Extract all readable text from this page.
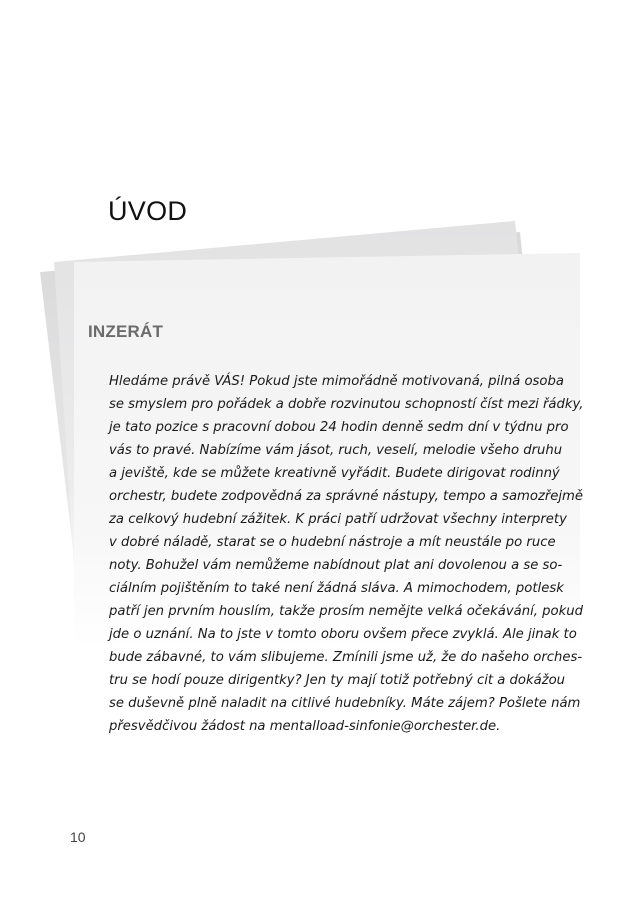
ÚVOD
INZERÁT

Hledáme právě VÁS! Pokud jste mimořádně motivovaná, pilná osoba
se smyslem pro pořádek a dobře rozvinutou schopností číst mezi řádky,
je tato pozice s pracovní dobou 24 hodin denně sedm dní v týdnu pro
vás to pravé. Nabízíme vám jásot, ruch, veselí, melodie všeho druhu
a jeviště, kde se můžete kreativně vyřádit. Budete dirigovat rodinný
orchestr, budete zodpovědná za správné nástupy, tempo a samozřejmě
za celkový hudební zážitek. K práci patří udržovat všechny interprety
v dobré náladě, starat se o hudební nástroje a mít neustále po ruce
noty. Bohužel vám nemůžeme nabídnout plat ani dovolenou a se so-
ciálním pojištěním to také není žádná sláva. A mimochodem, potlesk
patří jen prvním houslím, takže prosím nemějte velká očekávání, pokud
jde o uznání. Na to jste v tomto oboru ovšem přece zvyklá. Ale jinak to
bude zábavné, to vám slibujeme. Zmínili jsme už, že do našeho orches-
tru se hodí pouze dirigentky? Jen ty mají totiž potřebný cit a dokážou
se duševně plně naladit na citlivé hudebníky. Máte zájem? Pošlete nám
přesvědčivou žádost na mentalload-sinfonie@orchester.de.

10
